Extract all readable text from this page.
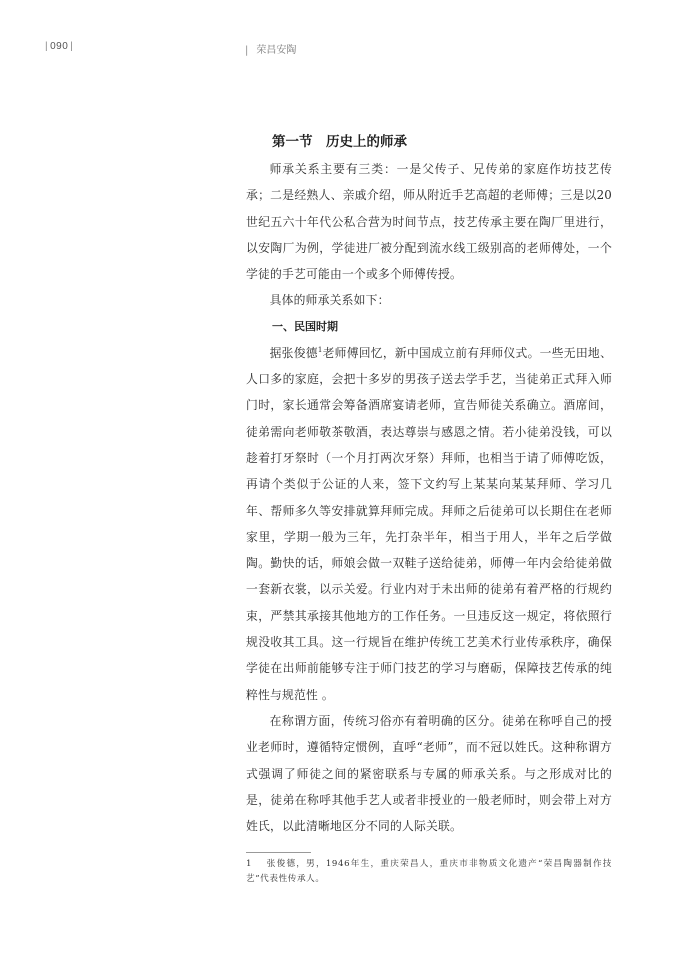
| 090 |	| 荣昌安陶
第一节　历史上的师承

师承关系主要有三类：一是父传子、兄传弟的家庭作坊技艺传承；二是经熟人、亲戚介绍，师从附近手艺高超的老师傅；三是以20世纪五六十年代公私合营为时间节点，技艺传承主要在陶厂里进行，以安陶厂为例，学徒进厂被分配到流水线工级别高的老师傅处，一个学徒的手艺可能由一个或多个师傅传授。

具体的师承关系如下：

一、民国时期

据张俊德$^1$老师傅回忆，新中国成立前有拜师仪式。一些无田地、人口多的家庭，会把十多岁的男孩子送去学手艺，当徒弟正式拜入师门时，家长通常会筹备酒席宴请老师，宣告师徒关系确立。酒席间，徒弟需向老师敬茶敬酒，表达尊崇与感恩之情。若小徒弟没钱，可以趁着打牙祭时（一个月打两次牙祭）拜师，也相当于请了师傅吃饭，再请个类似于公证的人来，签下文约写上某某向某某拜师、学习几年、帮师多久等安排就算拜师完成。拜师之后徒弟可以长期住在老师家里，学期一般为三年，先打杂半年，相当于用人，半年之后学做陶。勤快的话，师娘会做一双鞋子送给徒弟，师傅一年内会给徒弟做一套新衣裳，以示关爱。行业内对于未出师的徒弟有着严格的行规约束，严禁其承接其他地方的工作任务。一旦违反这一规定，将依照行规没收其工具。这一行规旨在维护传统工艺美术行业传承秩序，确保学徒在出师前能够专注于师门技艺的学习与磨砺，保障技艺传承的纯粹性与规范性 。

在称谓方面，传统习俗亦有着明确的区分。徒弟在称呼自己的授业老师时，遵循特定惯例，直呼“老师”，而不冠以姓氏。这种称谓方式强调了师徒之间的紧密联系与专属的师承关系。与之形成对比的是，徒弟在称呼其他手艺人或者非授业的一般老师时，则会带上对方姓氏，以此清晰地区分不同的人际关联。

1 张俊德，男，1946年生，重庆荣昌人，重庆市非物质文化遗产“荣昌陶器制作技艺”代表性传承人。
